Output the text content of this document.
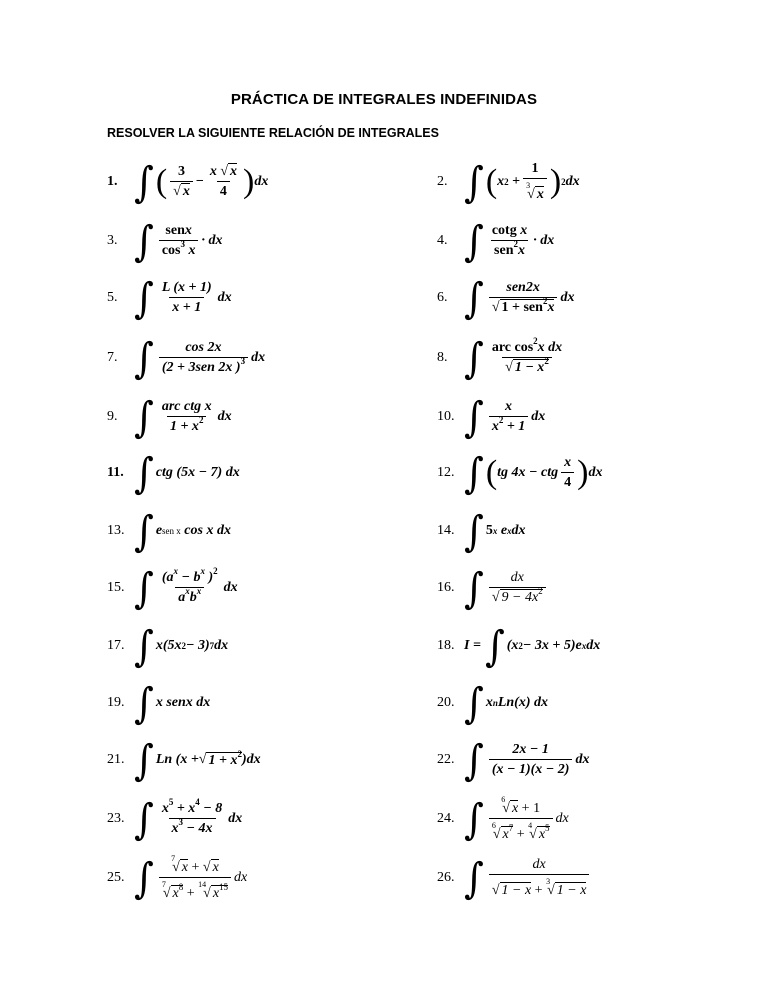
PRÁCTICA DE INTEGRALES INDEFINIDAS
RESOLVER LA SIGUIENTE RELACIÓN DE INTEGRALES
1. ∫ ( $\frac{3}{√ x} - \frac{x √ x}{4}$ ) dx	2. ∫ ( x 2
+ $\frac{1}{^3√ x}$ ) 2 dx
3. ∫ $\frac{\text{senx}}{\cos^3 x}$ · dx	4. ∫ $\frac{\text{cotg x}}{sen^2x}$ · dx
5. ∫ $\frac{L (x + 1)}{x + 1}$ dx	6. ∫ $\frac{\text{sen2x}}{√ 1 + sen^2x}$ dx
7. ∫ $\frac{\cos 2x}{(2 + 3sen 2x )^3}$ dx	8. ∫ $\frac{arc \cos^2x dx}{√ 1 - x^2}$
9. ∫ $\frac{\text{arc ctg x}}{1 + x^2}$ dx	10. ∫ $\frac{x}{x^2 + 1}$ dx
11. ∫ ctg (5x − 7) dx	12. ∫ ( tg 4x − ctg $\frac{x}{4}$ ) dx
13. ∫ e sen x
cos x dx	14. ∫ 5 x
e x dx
15. ∫ $\frac{(a^x - b^x )^2}{a^xb^x}$ dx	16. ∫ $\frac{dx}{√ 9 - 4x^2}$
17. ∫ x(5x 2 − 3) 7 dx	18. I =
∫ (x 2 − 3x + 5)e x dx
19. ∫ x senx dx	20. ∫ x n Ln(x) dx
21. ∫ Ln (x + √ $1 + x^2$ )dx	22. ∫ $\frac{2x - 1}{(x - 1)(x - 2)}$ dx
23. ∫ $\frac{x^5 + x^4 - 8}{x^3 - 4x}$ dx	24. ∫ $\frac{^6√ x + 1}{^6√ x^7 + ^4√ x^5}$ dx
25. ∫ $\frac{^7√ x + √ x}{^7√ x^8 + ^{14}√ x^{15}}$ dx	26. ∫ $\frac{dx}{√ 1 - x + ^3√ 1 - x}$
